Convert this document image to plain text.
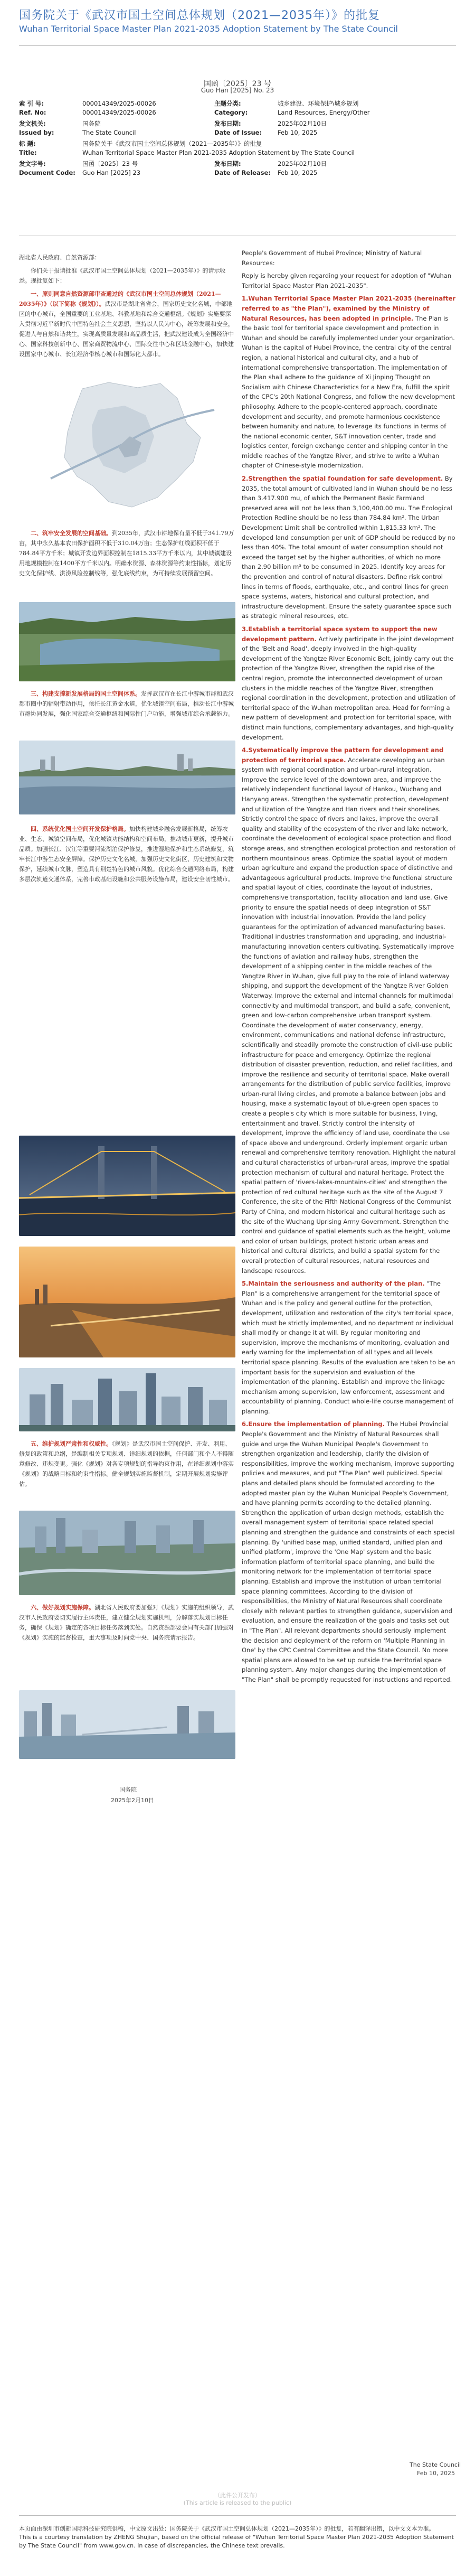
国务院关于《武汉市国土空间总体规划（2021—2035年）》的批复
Wuhan Territorial Space Master Plan 2021-2035 Adoption Statement by The State Council
国函〔2025〕23 号
Guo Han [2025] No. 23
索 引 号:	000014349/2025-00026	主题分类:	城乡建设、环境保护\城乡规划
Ref. No:	000014349/2025-00026	Category:	Land Resources, Energy/Other
发文机关:	国务院	发布日期:	2025年02月10日
Issued by:	The State Council	Date of Issue:	Feb 10, 2025
标 题:	国务院关于《武汉市国土空间总体规划（2021—2035年）》的批复
Title:	Wuhan Territorial Space Master Plan 2021-2035 Adoption Statement by The State Council
发文字号:	国函〔2025〕23 号	发布日期:	2025年02月10日
Document Code:	Guo Han [2025] 23	Date of Release:	Feb 10, 2025

湖北省人民政府、自然资源部：

你们关于报请批准《武汉市国土空间总体规划（2021—2035年）》的请示收悉。现批复如下：

一、原则同意自然资源部审查通过的《武汉市国土空间总体规划（2021—2035年）》（以下简称《规划》）。武汉市是湖北省省会，国家历史文化名城，中部地区的中心城市，全国重要的工业基地、科教基地和综合交通枢纽。《规划》实施要深入贯彻习近平新时代中国特色社会主义思想，坚持以人民为中心，统筹发展和安全，促进人与自然和谐共生，实现高质量发展和高品质生活，把武汉建设成为全国经济中心、国家科技创新中心、国家商贸物流中心、国际交往中心和区域金融中心，加快建设国家中心城市、长江经济带核心城市和国际化大都市。

二、筑牢安全发展的空间基础。到2035年，武汉市耕地保有量不低于341.79万亩，其中永久基本农田保护面积不低于310.04万亩；生态保护红线面积不低于784.84平方千米；城镇开发边界面积控制在1815.33平方千米以内，其中城镇建设用地规模控制在1400平方千米以内。明确水资源、森林资源等约束性指标，划定历史文化保护线、洪涝风险控制线等，强化底线约束，为可持续发展预留空间。

三、构建支撑新发展格局的国土空间体系。发挥武汉市在长江中游城市群和武汉都市圈中的辐射带动作用，依托长江黄金水道，优化城镇空间布局，推动长江中游城市群协同发展，强化国家综合交通枢纽和国际性门户功能，增强城市综合承载能力。

四、系统优化国土空间开发保护格局。加快构建城乡融合发展新格局，统筹农业、生态、城镇空间布局，优化城镇功能结构和空间布局，推动城市更新，提升城市品质。加强长江、汉江等重要河流湖泊保护修复，推进湿地保护和生态系统修复，筑牢长江中游生态安全屏障。保护历史文化名城，加强历史文化街区、历史建筑和文物保护，延续城市文脉，塑造具有荆楚特色的城市风貌。优化综合交通网络布局，构建多层次轨道交通体系，完善市政基础设施和公共服务设施布局，建设安全韧性城市。

五、维护规划严肃性和权威性。《规划》是武汉市国土空间保护、开发、利用、修复的政策和总纲，是编制相关专项规划、详细规划的依据，任何部门和个人不得随意修改、违规变更。强化《规划》对各专项规划的指导约束作用，在详细规划中落实《规划》的战略目标和约束性指标。健全规划实施监督机制，定期开展规划实施评估。

六、做好规划实施保障。湖北省人民政府要加强对《规划》实施的组织领导，武汉市人民政府要切实履行主体责任，建立健全规划实施机制，分解落实规划目标任务，确保《规划》确定的各项目标任务落到实处。自然资源部要会同有关部门加强对《规划》实施的监督检查，重大事项及时向党中央、国务院请示报告。

国务院
2025年2月10日

People's Government of Hubei Province; Ministry of Natural Resources:

Reply is hereby given regarding your request for adoption of "Wuhan Territorial Space Master Plan 2021-2035".

1.Wuhan Territorial Space Master Plan 2021-2035 (hereinafter referred to as "the Plan"), examined by the Ministry of Natural Resources, has been adopted in principle. The Plan is the basic tool for territorial space development and protection in Wuhan and should be carefully implemented under your organization. Wuhan is the capital of Hubei Province, the central city of the central region, a national historical and cultural city, and a hub of international comprehensive transportation. The implementation of the Plan shall adhere to the guidance of Xi Jinping Thought on Socialism with Chinese Characteristics for a New Era, fulfill the spirit of the CPC's 20th National Congress, and follow the new development philosophy. Adhere to the people-centered approach, coordinate development and security, and promote harmonious coexistence between humanity and nature, to leverage its functions in terms of the national economic center, S&T innovation center, trade and logistics center, foreign exchange center and shipping center in the middle reaches of the Yangtze River, and strive to write a Wuhan chapter of Chinese-style modernization.

2.Strengthen the spatial foundation for safe development. By 2035, the total amount of cultivated land in Wuhan should be no less than 3.417.900 mu, of which the Permanent Basic Farmland preserved area will not be less than 3,100,400.00 mu. The Ecological Protection Redline should be no less than 784.84 km². The Urban Development Limit shall be controlled within 1,815.33 km². The developed land consumption per unit of GDP should be reduced by no less than 40%. The total amount of water consumption should not exceed the target set by the higher authorities, of which no more than 2.90 billion m³ to be consumed in 2025. Identify key areas for the prevention and control of natural disasters. Define risk control lines in terms of floods, earthquake, etc., and control lines for green space systems, waters, historical and cultural protection, and infrastructure development. Ensure the safety guarantee space such as strategic mineral resources, etc.

3.Establish a territorial space system to support the new development pattern. Actively participate in the joint development of the 'Belt and Road', deeply involved in the high-quality development of the Yangtze River Economic Belt, jointly carry out the protection of the Yangtze River, strengthen the rapid rise of the central region, promote the interconnected development of urban clusters in the middle reaches of the Yangtze River, strengthen regional coordination in the development, protection and utilization of territorial space of the Wuhan metropolitan area. Head for forming a new pattern of development and protection for territorial space, with distinct main functions, complementary advantages, and high-quality development.

4.Systematically improve the pattern for development and protection of territorial space. Accelerate developing an urban system with regional coordination and urban-rural integration. Improve the service level of the downtown area, and improve the relatively independent functional layout of Hankou, Wuchang and Hanyang areas. Strengthen the systematic protection, development and utilization of the Yangtze and Han rivers and their shorelines. Strictly control the space of rivers and lakes, improve the overall quality and stability of the ecosystem of the river and lake network, coordinate the development of ecological space protection and flood storage areas, and strengthen ecological protection and restoration of northern mountainous areas. Optimize the spatial layout of modern urban agriculture and expand the production space of distinctive and advantageous agricultural products. Improve the functional structure and spatial layout of cities, coordinate the layout of industries, comprehensive transportation, facility allocation and land use. Give priority to ensure the spatial needs of deep integration of S&T innovation with industrial innovation. Provide the land policy guarantees for the optimization of advanced manufacturing bases. Traditional industries transformation and upgrading, and industrial-manufacturing innovation centers cultivating. Systematically improve the functions of aviation and railway hubs, strengthen the development of a shipping center in the middle reaches of the Yangtze River in Wuhan, give full play to the role of inland waterway shipping, and support the development of the Yangtze River Golden Waterway. Improve the external and internal channels for multimodal connectivity and multimodal transport, and build a safe, convenient, green and low-carbon comprehensive urban transport system. Coordinate the development of water conservancy, energy, environment, communications and national defense infrastructure, scientifically and steadily promote the construction of civil-use public infrastructure for peace and emergency. Optimize the regional distribution of disaster prevention, reduction, and relief facilities, and improve the resilience and security of territorial space. Make overall arrangements for the distribution of public service facilities, improve urban-rural living circles, and promote a balance between jobs and housing, make a systematic layout of blue-green open spaces to create a people's city which is more suitable for business, living, entertainment and travel. Strictly control the intensity of development, improve the efficiency of land use, coordinate the use of space above and underground. Orderly implement organic urban renewal and comprehensive territory renovation. Highlight the natural and cultural characteristics of urban-rural areas, improve the spatial protection mechanism of cultural and natural heritage. Protect the spatial pattern of 'rivers-lakes-mountains-cities' and strengthen the protection of red cultural heritage such as the site of the August 7 Conference, the site of the Fifth National Congress of the Communist Party of China, and modern historical and cultural heritage such as the site of the Wuchang Uprising Army Government. Strengthen the control and guidance of spatial elements such as the height, volume and color of urban buildings, protect historic urban areas and historical and cultural districts, and build a spatial system for the overall protection of cultural resources, natural resources and landscape resources.

5.Maintain the seriousness and authority of the plan. "The Plan" is a comprehensive arrangement for the territorial space of Wuhan and is the policy and general outline for the protection, development, utilization and restoration of the city's territorial space, which must be strictly implemented, and no department or individual shall modify or change it at will. By regular monitoring and supervision, improve the mechanisms of monitoring, evaluation and early warning for the implementation of all types and all levels territorial space planning. Results of the evaluation are taken to be an important basis for the supervision and evaluation of the implementation of the planning. Establish and improve the linkage mechanism among supervision, law enforcement, assessment and accountability of planning. Conduct whole-life course management of planning.

6.Ensure the implementation of planning. The Hubei Provincial People's Government and the Ministry of Natural Resources shall guide and urge the Wuhan Municipal People's Government to strengthen organization and leadership, clarify the division of responsibilities, improve the working mechanism, improve supporting policies and measures, and put "The Plan" well publicized. Special plans and detailed plans should be formulated according to the adopted master plan by the Wuhan Municipal People's Government, and have planning permits according to the detailed planning. Strengthen the application of urban design methods, establish the overall management system of territorial space related special planning and strengthen the guidance and constraints of each special planning. By 'unified base map, unified standard, unified plan and unified platform', improve the 'One Map' system and the basic information platform of territorial space planning, and build the monitoring network for the implementation of territorial space planning. Establish and improve the institution of urban territorial space planning committees. According to the division of responsibilities, the Ministry of Natural Resources shall coordinate closely with relevant parties to strengthen guidance, supervision and evaluation, and ensure the realization of the goals and tasks set out in "The Plan". All relevant departments should seriously implement the decision and deployment of the reform on 'Multiple Planning in One' by the CPC Central Committee and the State Council. No more spatial plans are allowed to be set up outside the territorial space planning system. Any major changes during the implementation of "The Plan" shall be promptly requested for instructions and reported.

The State Council
Feb 10, 2025
（此件公开发布）
(This article is released to the public)
本页面由深圳市创新国际科技研究院供稿，中文原文出处：国务院关于《武汉市国土空间总体规划（2021—2035年）》的批复，若有翻译出错，以中文文本为准。
This is a courtesy translation by ZHENG Shujian, based on the official release of "Wuhan Territorial Space Master Plan 2021-2035 Adoption Statement by The State Council" from www.gov.cn. In case of discrepancies, the Chinese text prevails.
